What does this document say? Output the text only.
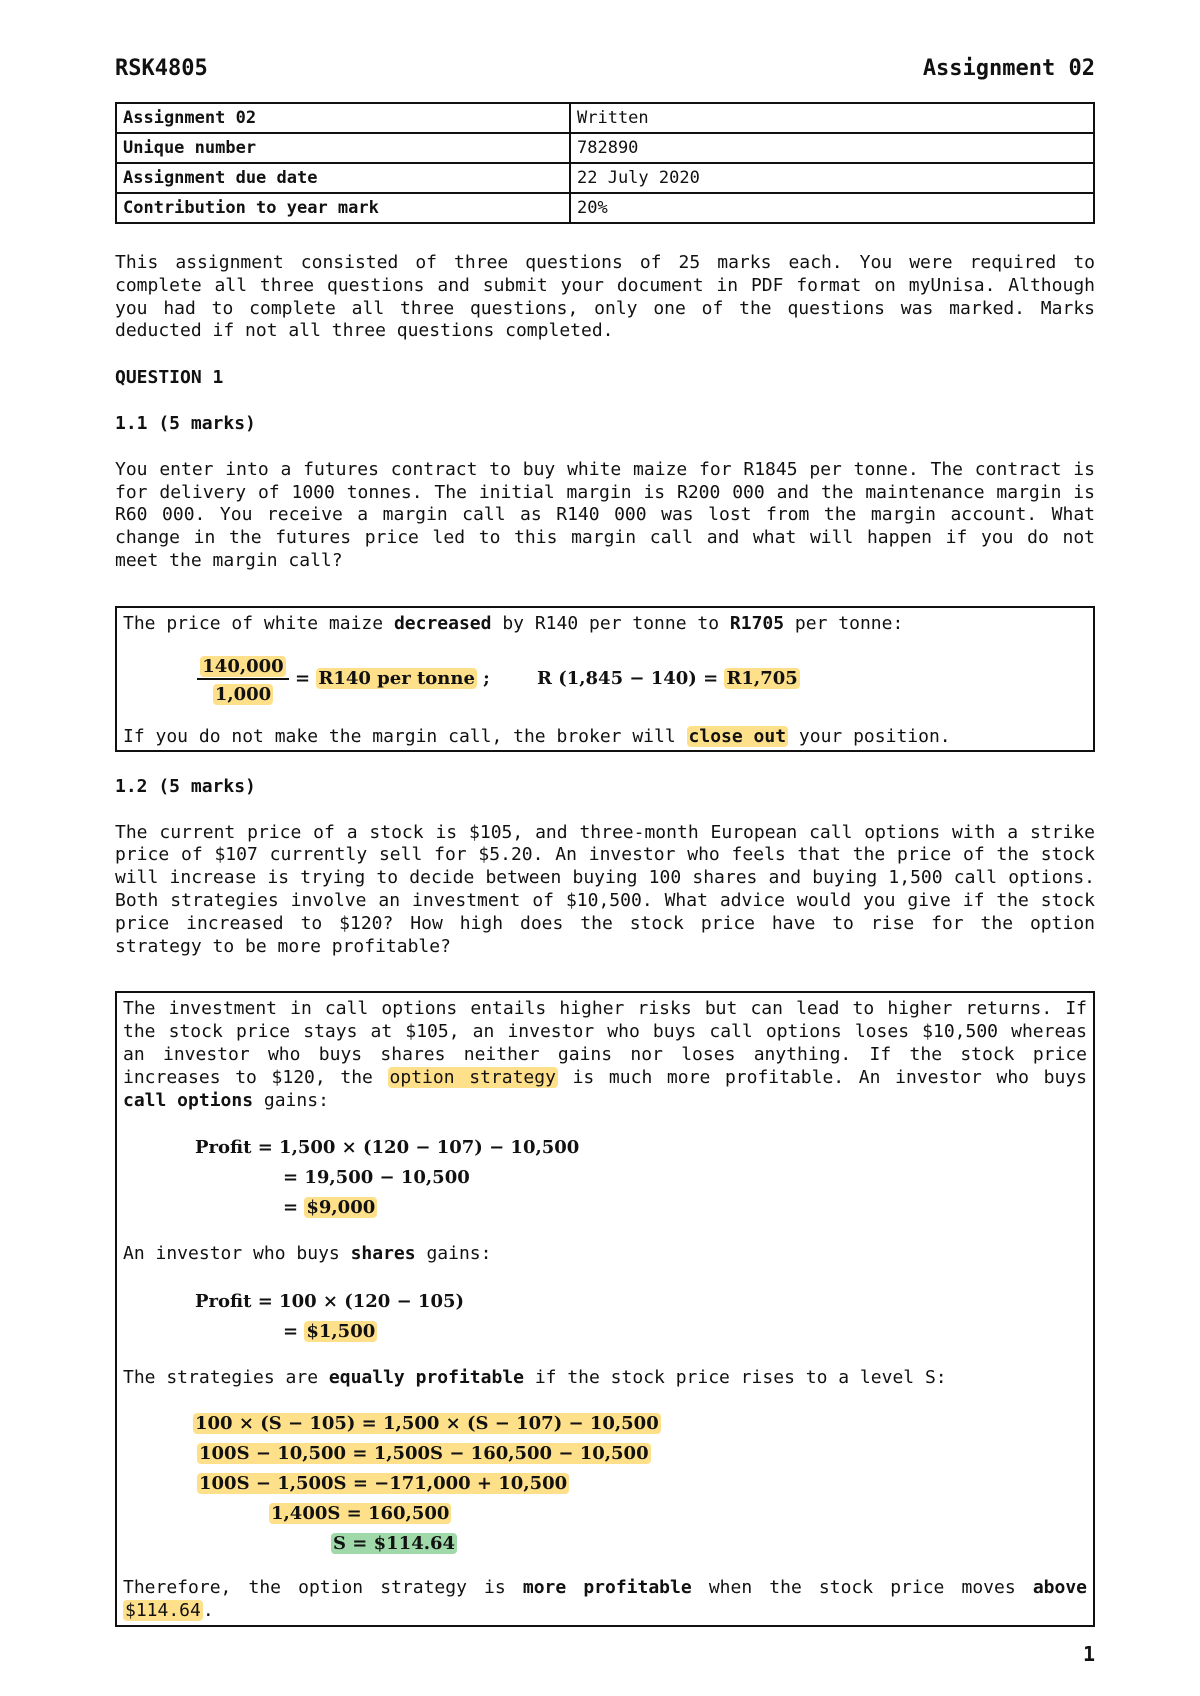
RSK4805	Assignment 02
Assignment 02	Written
Unique number	782890
Assignment due date	22 July 2020
Contribution to year mark	20%

This assignment consisted of three questions of 25 marks each. You were required to complete all three questions and submit your document in PDF format on myUnisa. Although you had to complete all three questions, only one of the questions was marked. Marks deducted if not all three questions completed.

QUESTION 1

1.1 (5 marks)

You enter into a futures contract to buy white maize for R1845 per tonne. The contract is for delivery of 1000 tonnes. The initial margin is R200 000 and the maintenance margin is R60 000. You receive a margin call as R140 000 was lost from the margin account. What change in the futures price led to this margin call and what will happen if you do not meet the margin call?

The price of white maize decreased by R140 per tonne to R1705 per tonne:
$\frac{140,000}{1,000} = R140$ per tonne ;	R (1,845 − 140) = R1,705
If you do not make the margin call, the broker will close out your position.

1.2 (5 marks)

The current price of a stock is $105, and three-month European call options with a strike price of $107 currently sell for $5.20. An investor who feels that the price of the stock will increase is trying to decide between buying 100 shares and buying 1,500 call options. Both strategies involve an investment of $10,500. What advice would you give if the stock price increased to $120? How high does the stock price have to rise for the option strategy to be more profitable?

The investment in call options entails higher risks but can lead to higher returns. If the stock price stays at $105, an investor who buys call options loses $10,500 whereas an investor who buys shares neither gains nor loses anything. If the stock price increases to $120, the option strategy is much more profitable. An investor who buys call options gains:

Profit = 1,500 × (120 − 107) − 10,500
= 19,500 − 10,500
= $9,000
An investor who buys shares gains:
Profit = 100 × (120 − 105)
= $1,500
The strategies are equally profitable if the stock price rises to a level S:
100 × (S − 105) = 1,500 × (S − 107) − 10,500
100S − 10,500 = 1,500S − 160,500 − 10,500
100S − 1,500S = −171,000 + 10,500
1,400S = 160,500
S = $114.64

Therefore, the option strategy is more profitable when the stock price moves above $114.64 .

1
